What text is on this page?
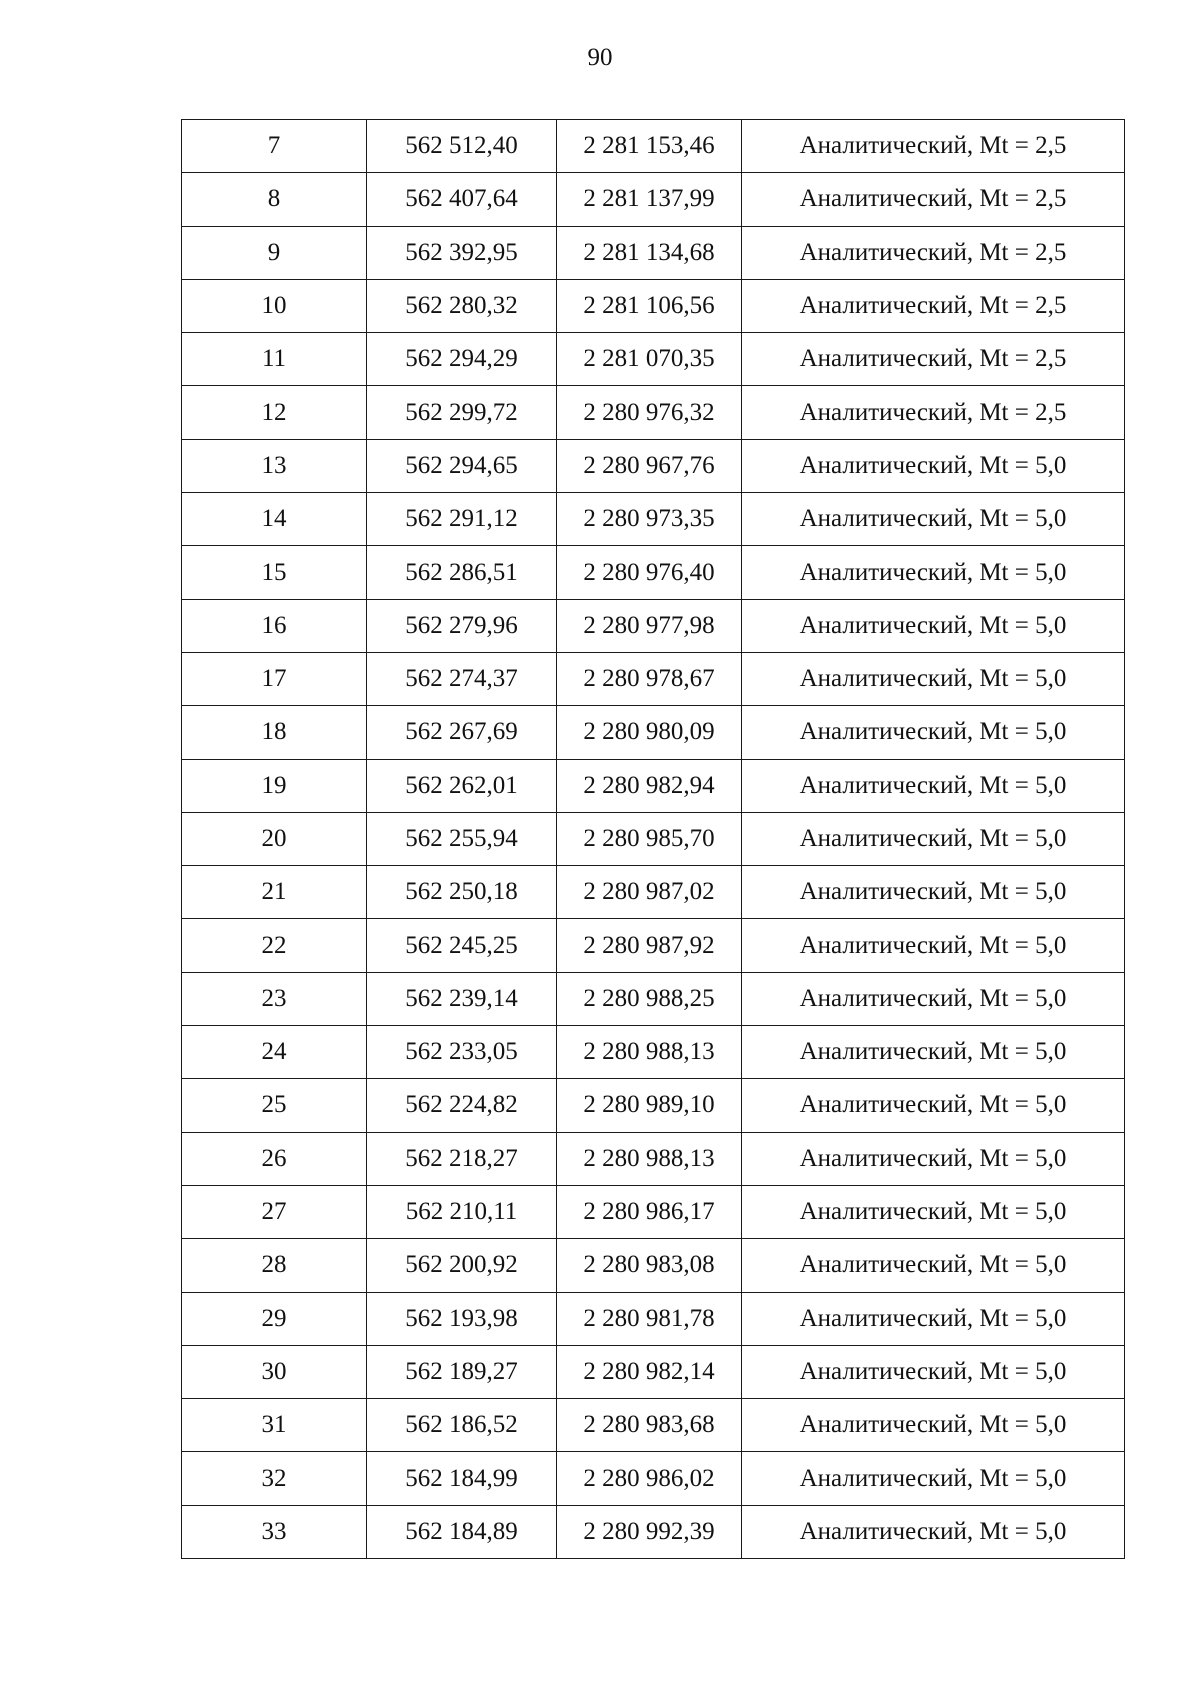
90
7	562 512,40	2 281 153,46	Аналитический, Mt = 2,5
8	562 407,64	2 281 137,99	Аналитический, Mt = 2,5
9	562 392,95	2 281 134,68	Аналитический, Mt = 2,5
10	562 280,32	2 281 106,56	Аналитический, Mt = 2,5
11	562 294,29	2 281 070,35	Аналитический, Mt = 2,5
12	562 299,72	2 280 976,32	Аналитический, Mt = 2,5
13	562 294,65	2 280 967,76	Аналитический, Mt = 5,0
14	562 291,12	2 280 973,35	Аналитический, Mt = 5,0
15	562 286,51	2 280 976,40	Аналитический, Mt = 5,0
16	562 279,96	2 280 977,98	Аналитический, Mt = 5,0
17	562 274,37	2 280 978,67	Аналитический, Mt = 5,0
18	562 267,69	2 280 980,09	Аналитический, Mt = 5,0
19	562 262,01	2 280 982,94	Аналитический, Mt = 5,0
20	562 255,94	2 280 985,70	Аналитический, Mt = 5,0
21	562 250,18	2 280 987,02	Аналитический, Mt = 5,0
22	562 245,25	2 280 987,92	Аналитический, Mt = 5,0
23	562 239,14	2 280 988,25	Аналитический, Mt = 5,0
24	562 233,05	2 280 988,13	Аналитический, Mt = 5,0
25	562 224,82	2 280 989,10	Аналитический, Mt = 5,0
26	562 218,27	2 280 988,13	Аналитический, Mt = 5,0
27	562 210,11	2 280 986,17	Аналитический, Mt = 5,0
28	562 200,92	2 280 983,08	Аналитический, Mt = 5,0
29	562 193,98	2 280 981,78	Аналитический, Mt = 5,0
30	562 189,27	2 280 982,14	Аналитический, Mt = 5,0
31	562 186,52	2 280 983,68	Аналитический, Mt = 5,0
32	562 184,99	2 280 986,02	Аналитический, Mt = 5,0
33	562 184,89	2 280 992,39	Аналитический, Mt = 5,0
